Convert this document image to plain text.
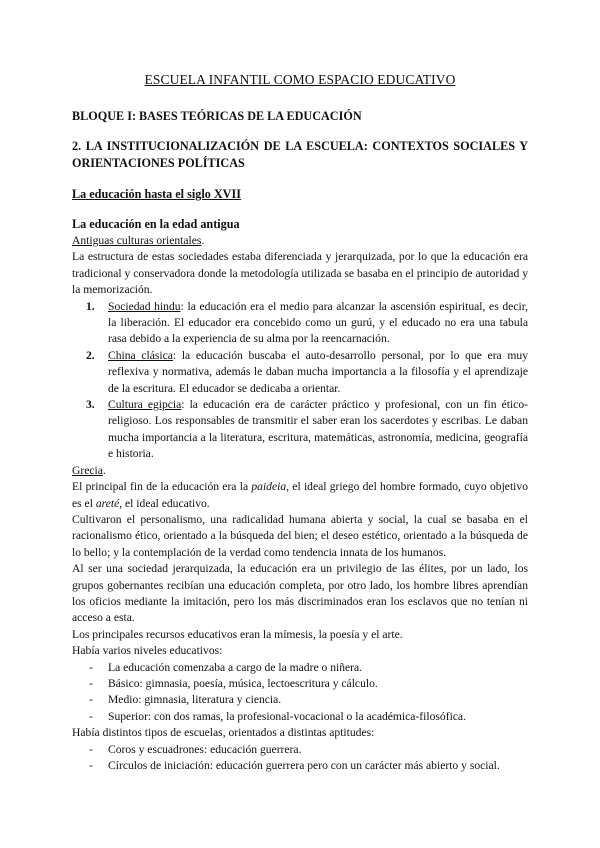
ESCUELA INFANTIL COMO ESPACIO EDUCATIVO
BLOQUE I: BASES TEÓRICAS DE LA EDUCACIÓN
2. LA INSTITUCIONALIZACIÓN DE LA ESCUELA: CONTEXTOS SOCIALES Y ORIENTACIONES POLÍTICAS
La educación hasta el siglo XVII
La educación en la edad antigua
Antiguas culturas orientales.

La estructura de estas sociedades estaba diferenciada y jerarquizada, por lo que la educación era tradicional y conservadora donde la metodología utilizada se basaba en el principio de autoridad y la memorización.

1. Sociedad hindu: la educación era el medio para alcanzar la ascensión espiritual, es decir, la liberación. El educador era concebido como un gurú, y el educado no era una tabula rasa debido a la experiencia de su alma por la reencarnación.
2. China clásica: la educación buscaba el auto-desarrollo personal, por lo que era muy reflexiva y normativa, además le daban mucha importancia a la filosofía y el aprendizaje de la escritura. El educador se dedicaba a orientar.
3. Cultura egipcia: la educación era de carácter práctico y profesional, con un fin ético-religioso. Los responsables de transmitir el saber eran los sacerdotes y escribas. Le daban mucha importancia a la literatura, escritura, matemáticas, astronomía, medicina, geografía e historia.
Grecia.

El principal fin de la educación era la paideia, el ideal griego del hombre formado, cuyo objetivo es el areté, el ideal educativo.

Cultivaron el personalismo, una radicalidad humana abierta y social, la cual se basaba en el racionalismo ético, orientado a la búsqueda del bien; el deseo estético, orientado a la búsqueda de lo bello; y la contemplación de la verdad como tendencia innata de los humanos.

Al ser una sociedad jerarquizada, la educación era un privilegio de las élites, por un lado, los grupos gobernantes recibían una educación completa, por otro lado, los hombre libres aprendían los oficios mediante la imitación, pero los más discriminados eran los esclavos que no tenían ni acceso a esta.

Los principales recursos educativos eran la mímesis, la poesía y el arte.

Había varios niveles educativos:
- La educación comenzaba a cargo de la madre o niñera.
- Básico: gimnasia, poesía, música, lectoescritura y cálculo.
- Medio: gimnasia, literatura y ciencia.
- Superior: con dos ramas, la profesional-vocacional o la académica-filosófica.
Había distintos tipos de escuelas, orientados a distintas aptitudes:
- Coros y escuadrones: educación guerrera.
- Círculos de iniciación: educación guerrera pero con un carácter más abierto y social.
